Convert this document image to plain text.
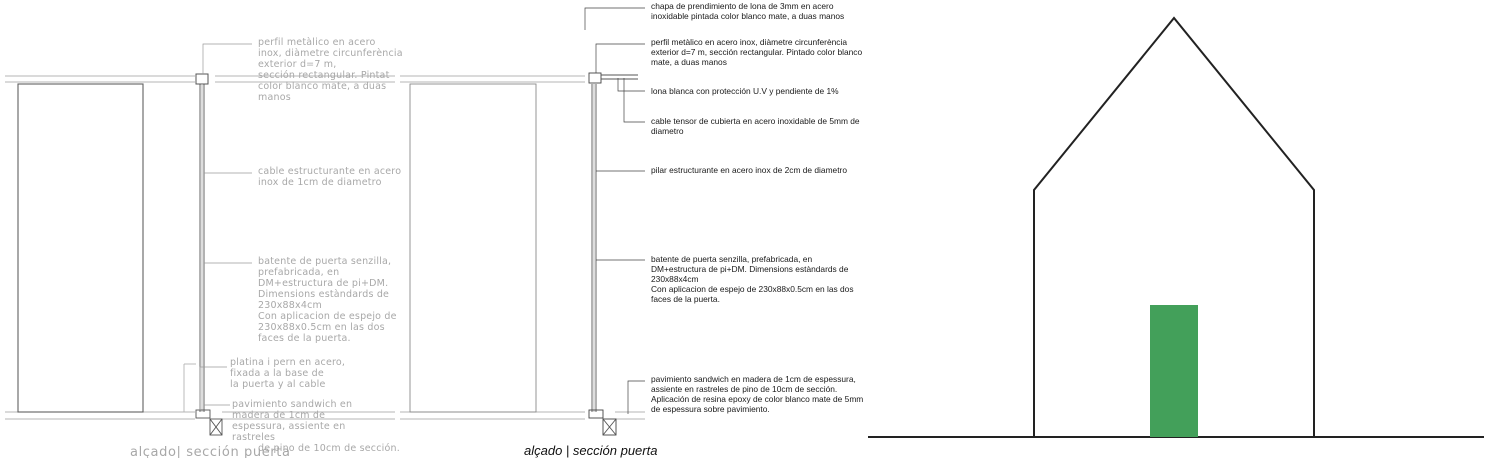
perfil metàlico en acero inox, diàmetre circunferència exterior d=7 m, sección rectangular. Pintat color blanco mate, a duas manos
cable estructurante en acero inox de 1cm de diametro
batente de puerta senzilla, prefabricada, en DM+estructura de pi+DM. Dimensions estàndards de 230x88x4cm Con aplicacion de espejo de 230x88x0.5cm en las dos faces de la puerta.
platina i pern en acero, fixada a la base de la puerta y al cable
pavimiento sandwich en madera de 1cm de espessura, assiente en rastreles de pino de 10cm de sección.
alçado| sección puerta
chapa de prendimiento de lona de 3mm en acero inoxidable pintada color blanco mate, a duas manos
perfil metàlico en acero inox, diàmetre circunferència exterior d=7 m, sección rectangular. Pintado color blanco mate, a duas manos
lona blanca con protección U.V y pendiente de 1%
cable tensor de cubierta en acero inoxidable de 5mm de diametro
pilar estructurante en acero inox de 2cm de diametro
batente de puerta senzilla, prefabricada, en DM+estructura de pi+DM. Dimensions estàndards de 230x88x4cm Con aplicacion de espejo de 230x88x0.5cm en las dos faces de la puerta.
pavimiento sandwich en madera de 1cm de espessura, assiente en rastreles de pino de 10cm de sección. Aplicación de resina epoxy de color blanco mate de 5mm de espessura sobre pavimiento.
alçado | sección puerta
